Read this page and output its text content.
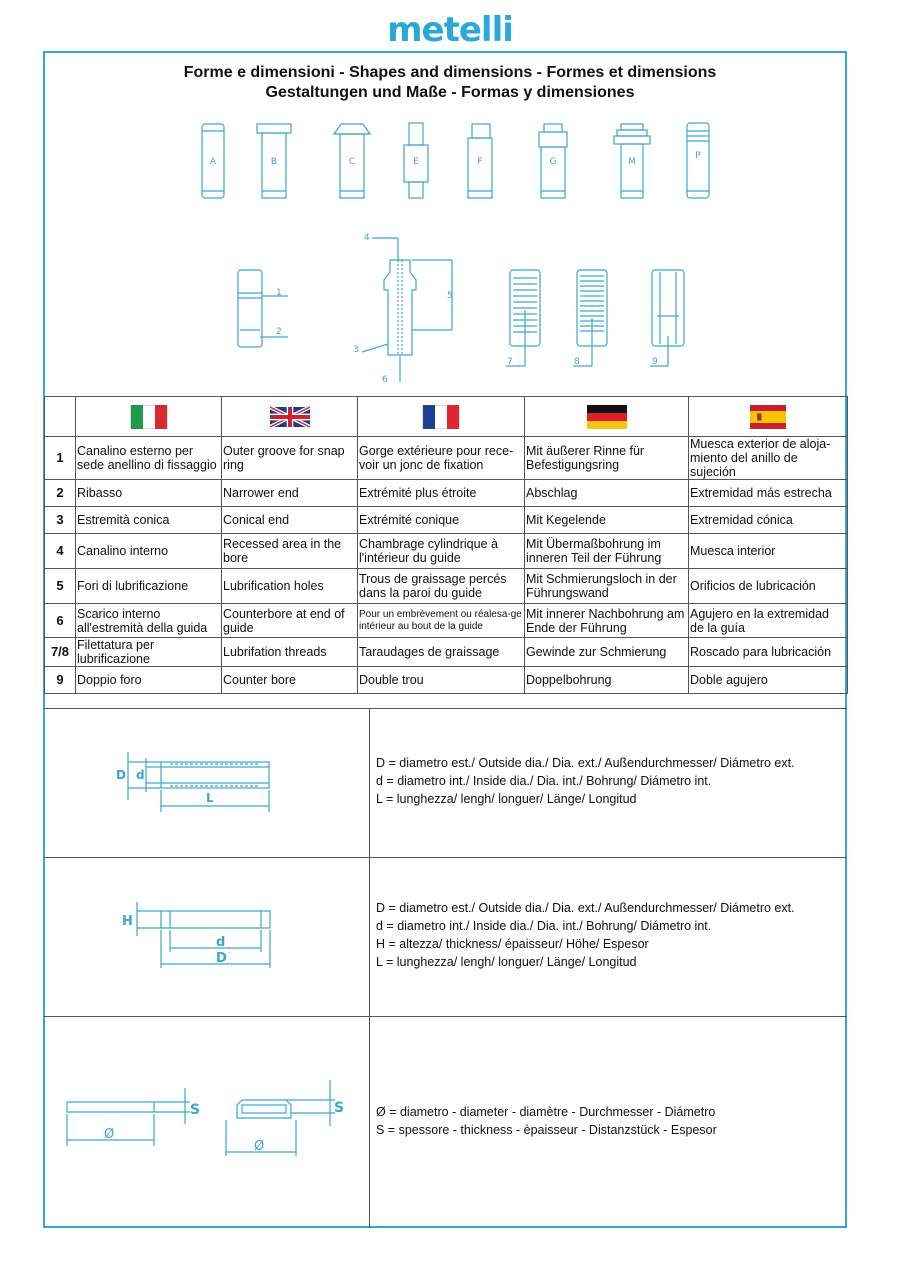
metelli
Forme e dimensioni - Shapes and dimensions - Formes et dimensions
Gestaltungen und Maße - Formas y dimensiones
A	B	C	E	F	G	M
P
1
2
4
5
3
6
7	8	9

1	Canalino esterno per sede anellino di fissaggio	Outer groove for snap ring	Gorge extérieure pour rece-voir un jonc de fixation	Mit äußerer Rinne für Befestigungsring	Muesca exterior de aloja-miento del anillo de sujeción
2	Ribasso	Narrower end	Extrémité plus étroite	Abschlag	Extremidad más estrecha
3	Estremità conica	Conical end	Extrémité conique	Mit Kegelende	Extremidad cónica
4	Canalino interno	Recessed area in the bore	Chambrage cylindrique à l'intérieur du guide	Mit Übermaßbohrung im inneren Teil der Führung	Muesca interior
5	Fori di lubrificazione	Lubrification holes	Trous de graissage percés dans la paroi du guide	Mit Schmierungsloch in der Führungswand	Orificios de lubricación
6	Scarico interno all'estremità della guida	Counterbore at end of guide	Pour un embrèvement ou réalesa-ge intérieur au bout de la guide	Mit innerer Nachbohrung am Ende der Führung	Agujero en la extremidad de la guía
7/8	Filettatura per lubrificazione	Lubrifation threads	Taraudages de graissage	Gewinde zur Schmierung	Roscado para lubricación
9	Doppio foro	Counter bore	Double trou	Doppelbohrung	Doble agujero
D d
L
H
d
D
S
Ø
S
Ø
D = diametro est./ Outside dia./ Dia. ext./ Außendurchmesser/ Diámetro ext.
d = diametro int./ Inside dia./ Dia. int./ Bohrung/ Diámetro int.
L = lunghezza/ lengh/ longuer/ Länge/ Longitud
D = diametro est./ Outside dia./ Dia. ext./ Außendurchmesser/ Diámetro ext.
d = diametro int./ Inside dia./ Dia. int./ Bohrung/ Diámetro int.
H = altezza/ thickness/ épaisseur/ Höhe/ Espesor
L = lunghezza/ lengh/ longuer/ Länge/ Longitud
Ø = diametro - diameter - diamètre - Durchmesser - Diámetro
S = spessore - thickness - èpaisseur - Distanzstück - Espesor
